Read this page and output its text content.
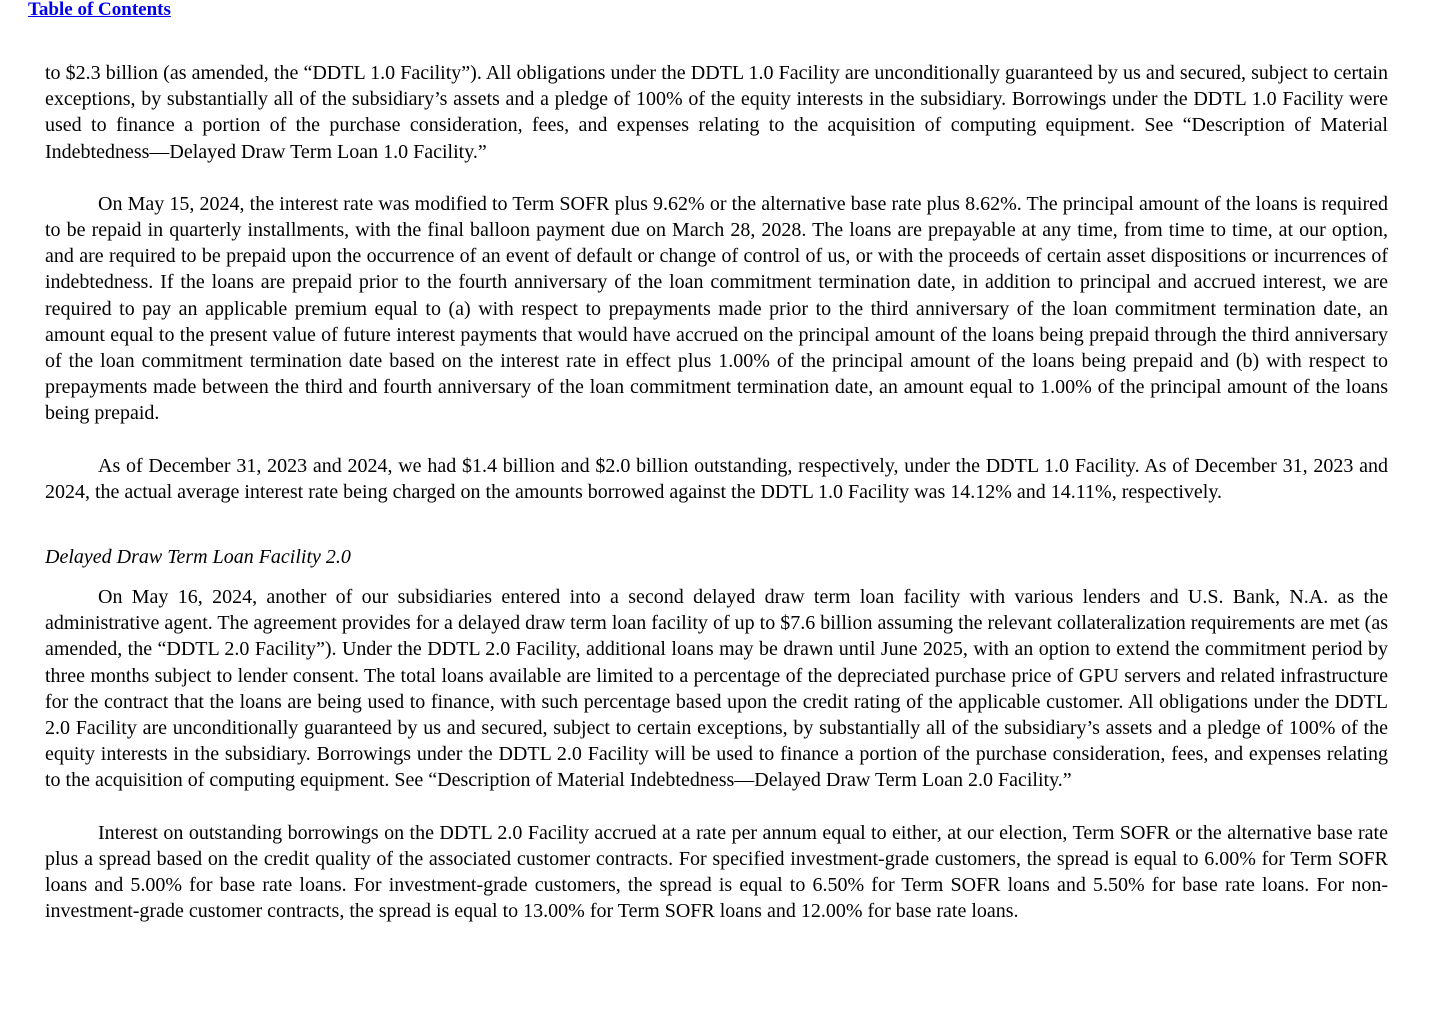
Table of Contents

to $2.3 billion (as amended, the “DDTL 1.0 Facility”). All obligations under the DDTL 1.0 Facility are unconditionally guaranteed by us and secured, subject to certain exceptions, by substantially all of the subsidiary’s assets and a pledge of 100% of the equity interests in the subsidiary. Borrowings under the DDTL 1.0 Facility were used to finance a portion of the purchase consideration, fees, and expenses relating to the acquisition of computing equipment. See “Description of Material Indebtedness—Delayed Draw Term Loan 1.0 Facility.”

On May 15, 2024, the interest rate was modified to Term SOFR plus 9.62% or the alternative base rate plus 8.62%. The principal amount of the loans is required to be repaid in quarterly installments, with the final balloon payment due on March 28, 2028. The loans are prepayable at any time, from time to time, at our option, and are required to be prepaid upon the occurrence of an event of default or change of control of us, or with the proceeds of certain asset dispositions or incurrences of indebtedness. If the loans are prepaid prior to the fourth anniversary of the loan commitment termination date, in addition to principal and accrued interest, we are required to pay an applicable premium equal to (a) with respect to prepayments made prior to the third anniversary of the loan commitment termination date, an amount equal to the present value of future interest payments that would have accrued on the principal amount of the loans being prepaid through the third anniversary of the loan commitment termination date based on the interest rate in effect plus 1.00% of the principal amount of the loans being prepaid and (b) with respect to prepayments made between the third and fourth anniversary of the loan commitment termination date, an amount equal to 1.00% of the principal amount of the loans being prepaid.

As of December 31, 2023 and 2024, we had $1.4 billion and $2.0 billion outstanding, respectively, under the DDTL 1.0 Facility. As of December 31, 2023 and 2024, the actual average interest rate being charged on the amounts borrowed against the DDTL 1.0 Facility was 14.12% and 14.11%, respectively.

Delayed Draw Term Loan Facility 2.0

On May 16, 2024, another of our subsidiaries entered into a second delayed draw term loan facility with various lenders and U.S. Bank, N.A. as the administrative agent. The agreement provides for a delayed draw term loan facility of up to $7.6 billion assuming the relevant collateralization requirements are met (as amended, the “DDTL 2.0 Facility”). Under the DDTL 2.0 Facility, additional loans may be drawn until June 2025, with an option to extend the commitment period by three months subject to lender consent. The total loans available are limited to a percentage of the depreciated purchase price of GPU servers and related infrastructure for the contract that the loans are being used to finance, with such percentage based upon the credit rating of the applicable customer. All obligations under the DDTL 2.0 Facility are unconditionally guaranteed by us and secured, subject to certain exceptions, by substantially all of the subsidiary’s assets and a pledge of 100% of the equity interests in the subsidiary. Borrowings under the DDTL 2.0 Facility will be used to finance a portion of the purchase consideration, fees, and expenses relating to the acquisition of computing equipment. See “Description of Material Indebtedness—Delayed Draw Term Loan 2.0 Facility.”

Interest on outstanding borrowings on the DDTL 2.0 Facility accrued at a rate per annum equal to either, at our election, Term SOFR or the alternative base rate plus a spread based on the credit quality of the associated customer contracts. For specified investment-grade customers, the spread is equal to 6.00% for Term SOFR loans and 5.00% for base rate loans. For investment-grade customers, the spread is equal to 6.50% for Term SOFR loans and 5.50% for base rate loans. For non-investment-grade customer contracts, the spread is equal to 13.00% for Term SOFR loans and 12.00% for base rate loans.
